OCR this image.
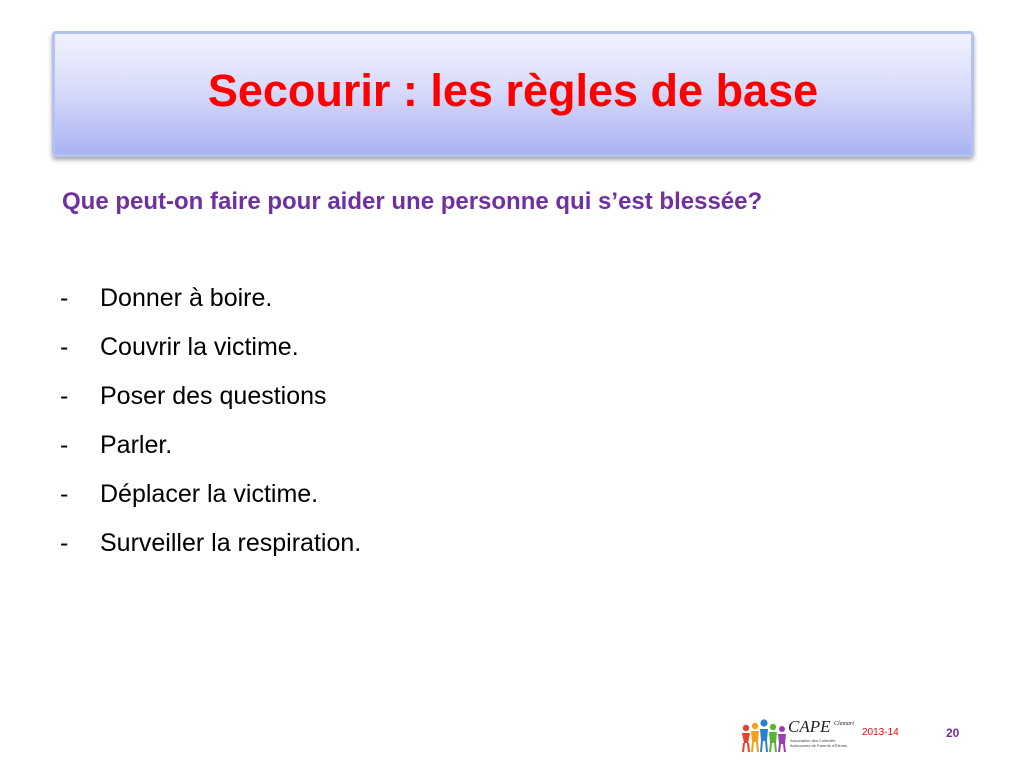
Secourir : les règles de base
Que peut-on faire pour aider une personne qui s’est blessée?
-	Donner à boire.
-	Couvrir la victime.
-	Poser des questions
-	Parler.
-	Déplacer la victime.
-	Surveiller la respiration.
CAPE Clamart
Association des Collectifs Autonomes de Parents d’Élèves
2013-14	20
